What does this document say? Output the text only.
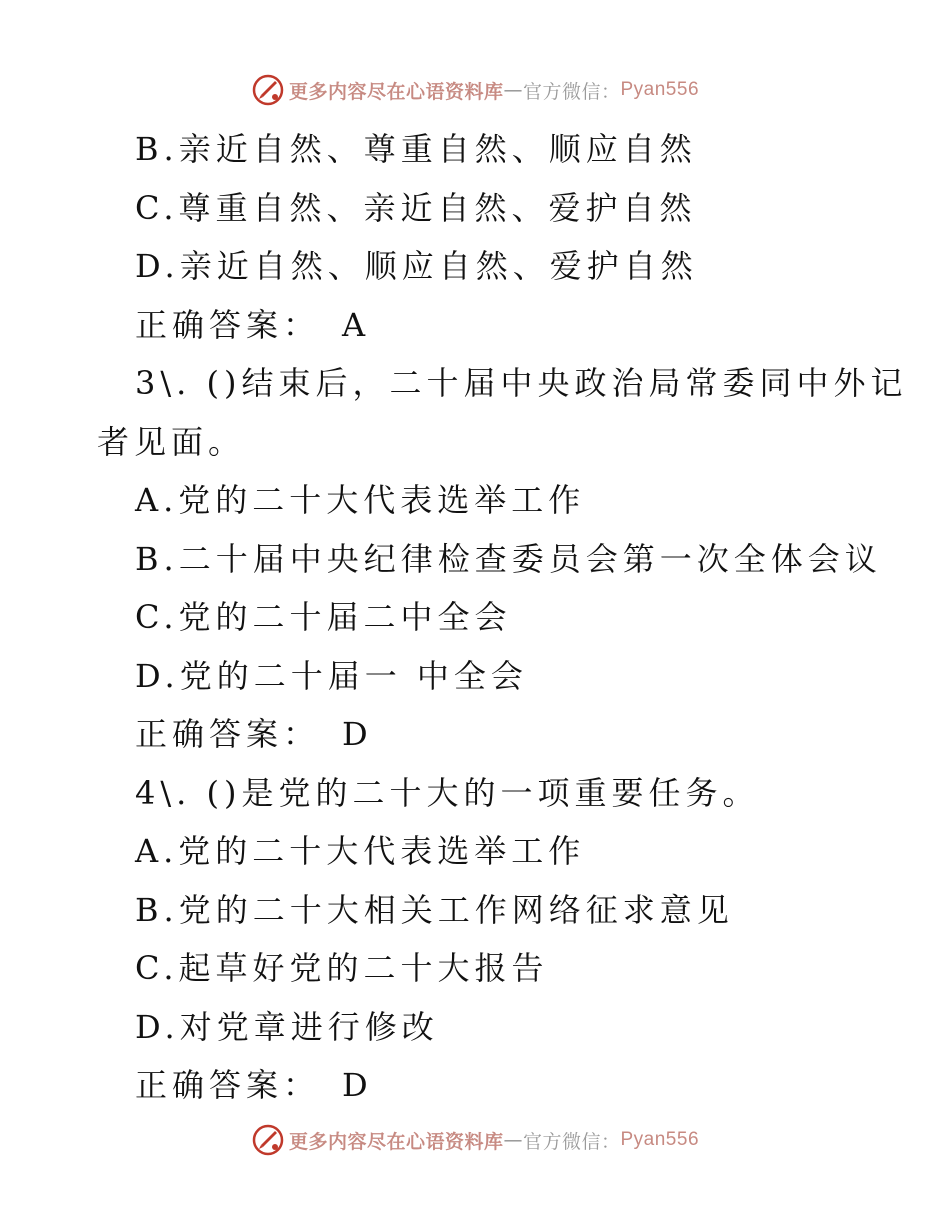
更多内容尽在心语资料库 — 官方微信： Pyan556
B.亲近自然、尊重自然、顺应自然
C.尊重自然、亲近自然、爱护自然
D.亲近自然、顺应自然、爱护自然
正确答案： A
3\. ()结束后，二十届中央政治局常委同中外记
者见面。
A.党的二十大代表选举工作
B.二十届中央纪律检查委员会第一次全体会议
C.党的二十届二中全会
D.党的二十届一 中全会
正确答案： D
4\. ()是党的二十大的一项重要任务。
A.党的二十大代表选举工作
B.党的二十大相关工作网络征求意见
C.起草好党的二十大报告
D.对党章进行修改
正确答案： D
更多内容尽在心语资料库 — 官方微信： Pyan556
